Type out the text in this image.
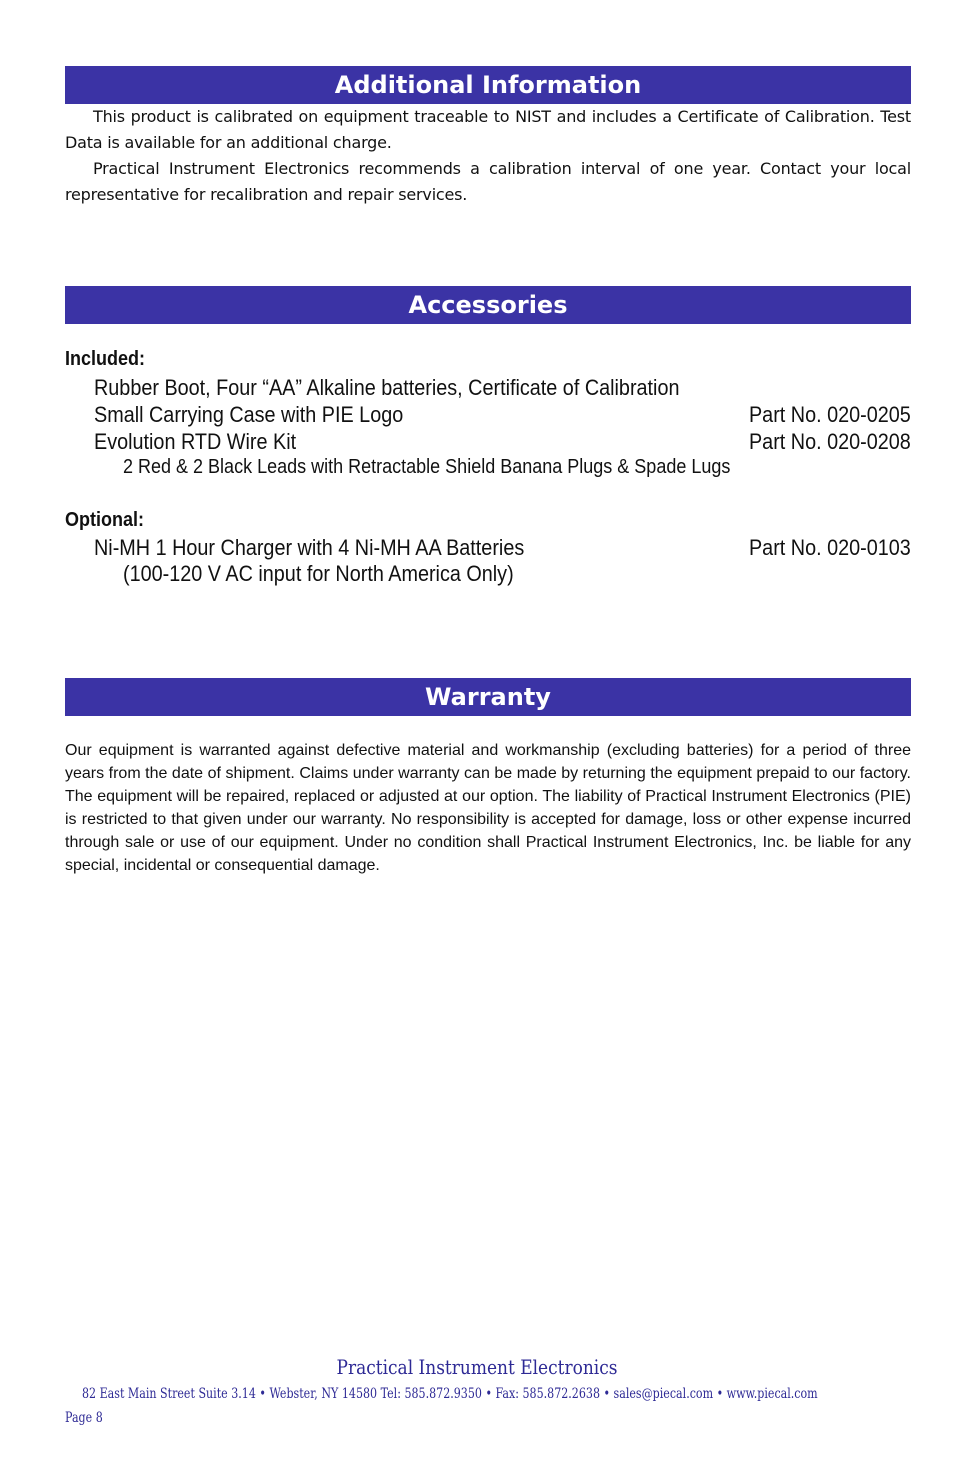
Additional Information

This product is calibrated on equipment traceable to NIST and includes a Certificate of Calibration. Test Data is available for an additional charge.

Practical Instrument Electronics recommends a calibration interval of one year. Contact your local representative for recalibration and repair services.

Accessories
Included:
Rubber Boot, Four “AA” Alkaline batteries, Certificate of Calibration
Small Carrying Case with PIE Logo	Part No. 020-0205
Evolution RTD Wire Kit	Part No. 020-0208
2 Red & 2 Black Leads with Retractable Shield Banana Plugs & Spade Lugs
Optional:
Ni-MH 1 Hour Charger with 4 Ni-MH AA Batteries	Part No. 020-0103
(100-120 V AC input for North America Only)
Warranty

Our equipment is warranted against defective material and workmanship (excluding batteries) for a period of three years from the date of shipment. Claims under warranty can be made by returning the equipment prepaid to our factory. The equipment will be repaired, replaced or adjusted at our option. The liability of Practical Instrument Electronics (PIE) is restricted to that given under our warranty. No responsibility is accepted for damage, loss or other expense incurred through sale or use of our equipment. Under no condition shall Practical Instrument Electronics, Inc. be liable for any special, incidental or consequential damage.

Practical Instrument Electronics
82 East Main Street Suite 3.14 • Webster, NY 14580 Tel: 585.872.9350 • Fax: 585.872.2638 • sales@piecal.com • www.piecal.com
Page 8
